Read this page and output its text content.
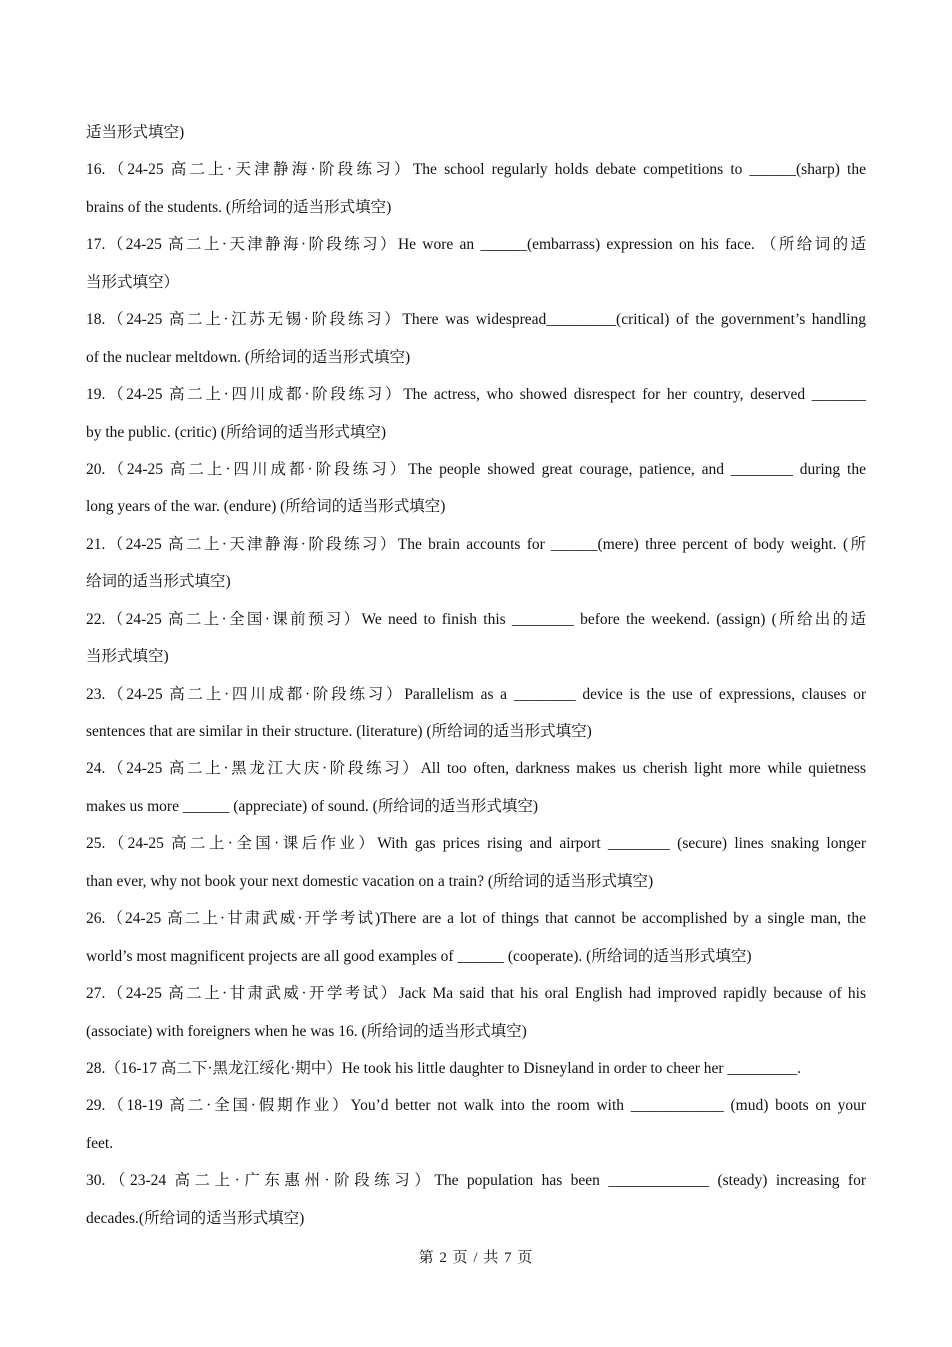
适当形式填空)
16.（24-25 高二上·天津静海·阶段练习）The school regularly holds debate competitions to ______(sharp) the
brains of the students. (所给词的适当形式填空)
17.（24-25 高二上·天津静海·阶段练习）He wore an ______(embarrass) expression on his face. （所给词的适
当形式填空）
18.（24-25 高二上·江苏无锡·阶段练习）There was widespread_________(critical) of the government’s handling
of the nuclear meltdown. (所给词的适当形式填空)
19.（24-25 高二上·四川成都·阶段练习）The actress, who showed disrespect for her country, deserved _______
by the public. (critic) (所给词的适当形式填空)
20.（24-25 高二上·四川成都·阶段练习）The people showed great courage, patience, and ________ during the
long years of the war. (endure) (所给词的适当形式填空)
21.（24-25 高二上·天津静海·阶段练习）The brain accounts for ______(mere) three percent of body weight. (所
给词的适当形式填空)
22.（24-25 高二上·全国·课前预习）We need to finish this ________ before the weekend. (assign) (所给出的适
当形式填空)
23.（24-25 高二上·四川成都·阶段练习）Parallelism as a ________ device is the use of expressions, clauses or
sentences that are similar in their structure. (literature) (所给词的适当形式填空)
24.（24-25 高二上·黑龙江大庆·阶段练习）All too often, darkness makes us cherish light more while quietness
makes us more ______ (appreciate) of sound. (所给词的适当形式填空)
25.（24-25 高二上·全国·课后作业）With gas prices rising and airport ________ (secure) lines snaking longer
than ever, why not book your next domestic vacation on a train? (所给词的适当形式填空)
26.（24-25 高二上·甘肃武威·开学考试)There are a lot of things that cannot be accomplished by a single man, the
world’s most magnificent projects are all good examples of ______ (cooperate). (所给词的适当形式填空)
27.（24-25 高二上·甘肃武威·开学考试）Jack Ma said that his oral English had improved rapidly because of his
(associate) with foreigners when he was 16. (所给词的适当形式填空)
28.（16-17 高二下·黑龙江绥化·期中）He took his little daughter to Disneyland in order to cheer her _________.
29.（18-19 高二·全国·假期作业）You’d better not walk into the room with ____________ (mud) boots on your
feet.
30.（23-24 高二上·广东惠州·阶段练习）The population has been _____________ (steady) increasing for
decades.(所给词的适当形式填空)
第 2 页 / 共 7 页
